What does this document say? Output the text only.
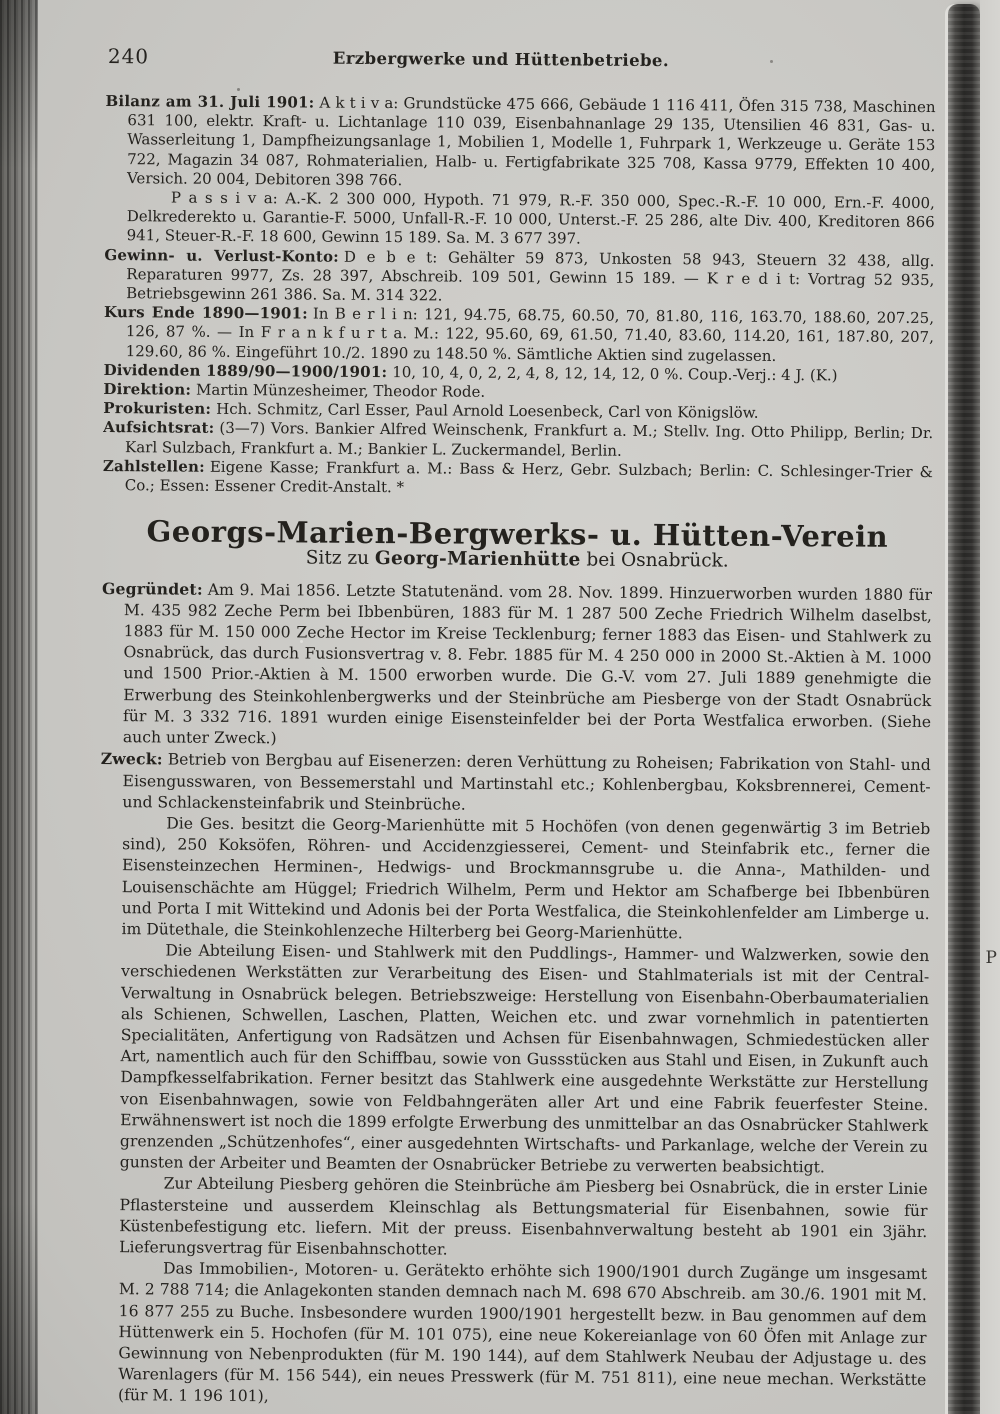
P
240	Erzbergwerke und Hüttenbetriebe.

Bilanz am 31. Juli 1901: A k t i v a: Grundstücke 475 666, Gebäude 1 116 411, Öfen 315 738, Maschinen 631 100, elektr. Kraft- u. Lichtanlage 110 039, Eisenbahnanlage 29 135, Utensilien 46 831, Gas- u. Wasserleitung 1, Dampfheizungsanlage 1, Mobilien 1, Modelle 1, Fuhrpark 1, Werkzeuge u. Geräte 153 722, Magazin 34 087, Rohmaterialien, Halb- u. Fertigfabrikate 325 708, Kassa 9779, Effekten 10 400, Versich. 20 004, Debitoren 398 766.

P a s s i v a: A.-K. 2 300 000, Hypoth. 71 979, R.-F. 350 000, Spec.-R.-F. 10 000, Ern.-F. 4000, Delkrederekto u. Garantie-F. 5000, Unfall-R.-F. 10 000, Unterst.-F. 25 286, alte Div. 400, Kreditoren 866 941, Steuer-R.-F. 18 600, Gewinn 15 189. Sa. M. 3 677 397.

Gewinn- u. Verlust-Konto: D e b e t: Gehälter 59 873, Unkosten 58 943, Steuern 32 438, allg. Reparaturen 9977, Zs. 28 397, Abschreib. 109 501, Gewinn 15 189. — K r e d i t: Vortrag 52 935, Betriebsgewinn 261 386. Sa. M. 314 322.

Kurs Ende 1890—1901: In B e r l i n: 121, 94.75, 68.75, 60.50, 70, 81.80, 116, 163.70, 188.60, 207.25, 126, 87 %. — In F r a n k f u r t a. M.: 122, 95.60, 69, 61.50, 71.40, 83.60, 114.20, 161, 187.80, 207, 129.60, 86 %. Eingeführt 10./2. 1890 zu 148.50 %. Sämtliche Aktien sind zugelassen.

Dividenden 1889/90—1900/1901: 10, 10, 4, 0, 2, 2, 4, 8, 12, 14, 12, 0 %. Coup.-Verj.: 4 J. (K.)

Direktion: Martin Münzesheimer, Theodor Rode.

Prokuristen: Hch. Schmitz, Carl Esser, Paul Arnold Loesenbeck, Carl von Königslöw.

Aufsichtsrat: (3—7) Vors. Bankier Alfred Weinschenk, Frankfurt a. M.; Stellv. Ing. Otto Philipp, Berlin; Dr. Karl Sulzbach, Frankfurt a. M.; Bankier L. Zuckermandel, Berlin.

Zahlstellen: Eigene Kasse; Frankfurt a. M.: Bass & Herz, Gebr. Sulzbach; Berlin: C. Schlesinger-Trier & Co.; Essen: Essener Credit-Anstalt. *

Georgs-Marien-Bergwerks- u. Hütten-Verein

Sitz zu Georg-Marienhütte bei Osnabrück.

Gegründet: Am 9. Mai 1856. Letzte Statutenänd. vom 28. Nov. 1899. Hinzuerworben wurden 1880 für M. 435 982 Zeche Perm bei Ibbenbüren, 1883 für M. 1 287 500 Zeche Friedrich Wilhelm daselbst, 1883 für M. 150 000 Zeche Hector im Kreise Tecklenburg; ferner 1883 das Eisen- und Stahlwerk zu Osnabrück, das durch Fusionsvertrag v. 8. Febr. 1885 für M. 4 250 000 in 2000 St.-Aktien à M. 1000 und 1500 Prior.-Aktien à M. 1500 erworben wurde. Die G.-V. vom 27. Juli 1889 genehmigte die Erwerbung des Steinkohlenbergwerks und der Steinbrüche am Piesberge von der Stadt Osnabrück für M. 3 332 716. 1891 wurden einige Eisensteinfelder bei der Porta Westfalica erworben. (Siehe auch unter Zweck.)

Zweck: Betrieb von Bergbau auf Eisenerzen: deren Verhüttung zu Roheisen; Fabrikation von Stahl- und Eisengusswaren, von Bessemerstahl und Martinstahl etc.; Kohlenbergbau, Koksbrennerei, Cement- und Schlackensteinfabrik und Steinbrüche.

Die Ges. besitzt die Georg-Marienhütte mit 5 Hochöfen (von denen gegenwärtig 3 im Betrieb sind), 250 Koksöfen, Röhren- und Accidenzgiesserei, Cement- und Steinfabrik etc., ferner die Eisensteinzechen Herminen-, Hedwigs- und Brockmannsgrube u. die Anna-, Mathilden- und Louisenschächte am Hüggel; Friedrich Wilhelm, Perm und Hektor am Schafberge bei Ibbenbüren und Porta I mit Wittekind und Adonis bei der Porta Westfalica, die Steinkohlenfelder am Limberge u. im Dütethale, die Steinkohlenzeche Hilterberg bei Georg-Marienhütte.

Die Abteilung Eisen- und Stahlwerk mit den Puddlings-, Hammer- und Walzwerken, sowie den verschiedenen Werkstätten zur Verarbeitung des Eisen- und Stahlmaterials ist mit der Central-Verwaltung in Osnabrück belegen. Betriebszweige: Herstellung von Eisenbahn-Oberbaumaterialien als Schienen, Schwellen, Laschen, Platten, Weichen etc. und zwar vornehmlich in patentierten Specialitäten, Anfertigung von Radsätzen und Achsen für Eisenbahnwagen, Schmiedestücken aller Art, namentlich auch für den Schiffbau, sowie von Gussstücken aus Stahl und Eisen, in Zukunft auch Dampfkesselfabrikation. Ferner besitzt das Stahlwerk eine ausgedehnte Werkstätte zur Herstellung von Eisenbahnwagen, sowie von Feldbahngeräten aller Art und eine Fabrik feuerfester Steine. Erwähnenswert ist noch die 1899 erfolgte Erwerbung des unmittelbar an das Osnabrücker Stahlwerk grenzenden „Schützenhofes“, einer ausgedehnten Wirtschafts- und Parkanlage, welche der Verein zu gunsten der Arbeiter und Beamten der Osnabrücker Betriebe zu verwerten beabsichtigt.

Zur Abteilung Piesberg gehören die Steinbrüche am Piesberg bei Osnabrück, die in erster Linie Pflastersteine und ausserdem Kleinschlag als Bettungsmaterial für Eisenbahnen, sowie für Küstenbefestigung etc. liefern. Mit der preuss. Eisenbahnverwaltung besteht ab 1901 ein 3jähr. Lieferungsvertrag für Eisenbahnschotter.

Das Immobilien-, Motoren- u. Gerätekto erhöhte sich 1900/1901 durch Zugänge um insgesamt M. 2 788 714; die Anlagekonten standen demnach nach M. 698 670 Abschreib. am 30./6. 1901 mit M. 16 877 255 zu Buche. Insbesondere wurden 1900/1901 hergestellt bezw. in Bau genommen auf dem Hüttenwerk ein 5. Hochofen (für M. 101 075), eine neue Kokereianlage von 60 Öfen mit Anlage zur Gewinnung von Nebenprodukten (für M. 190 144), auf dem Stahlwerk Neubau der Adjustage u. des Warenlagers (für M. 156 544), ein neues Presswerk (für M. 751 811), eine neue mechan. Werkstätte (für M. 1 196 101),
